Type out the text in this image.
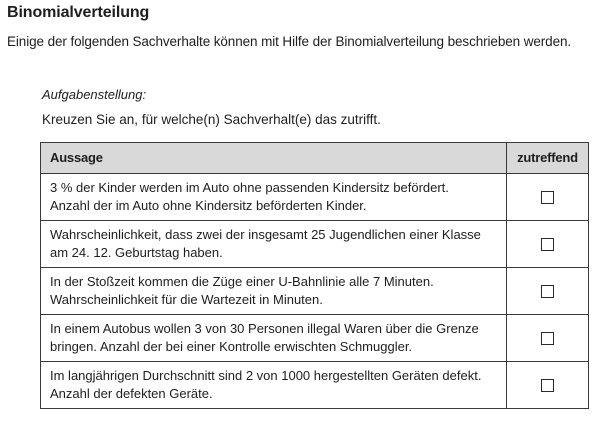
Binomialverteilung
Einige der folgenden Sachverhalte können mit Hilfe der Binomialverteilung beschrieben werden.
Aufgabenstellung:
Kreuzen Sie an, für welche(n) Sachverhalt(e) das zutrifft.
Aussage	zutreffend
3 % der Kinder werden im Auto ohne passenden Kindersitz befördert.
Anzahl der im Auto ohne Kindersitz beförderten Kinder.	
Wahrscheinlichkeit, dass zwei der insgesamt 25 Jugendlichen einer Klasse
am 24. 12. Geburtstag haben.	
In der Stoßzeit kommen die Züge einer U-Bahnlinie alle 7 Minuten.
Wahrscheinlichkeit für die Wartezeit in Minuten.	
In einem Autobus wollen 3 von 30 Personen illegal Waren über die Grenze
bringen. Anzahl der bei einer Kontrolle erwischten Schmuggler.	
Im langjährigen Durchschnitt sind 2 von 1000 hergestellten Geräten defekt.
Anzahl der defekten Geräte.	
